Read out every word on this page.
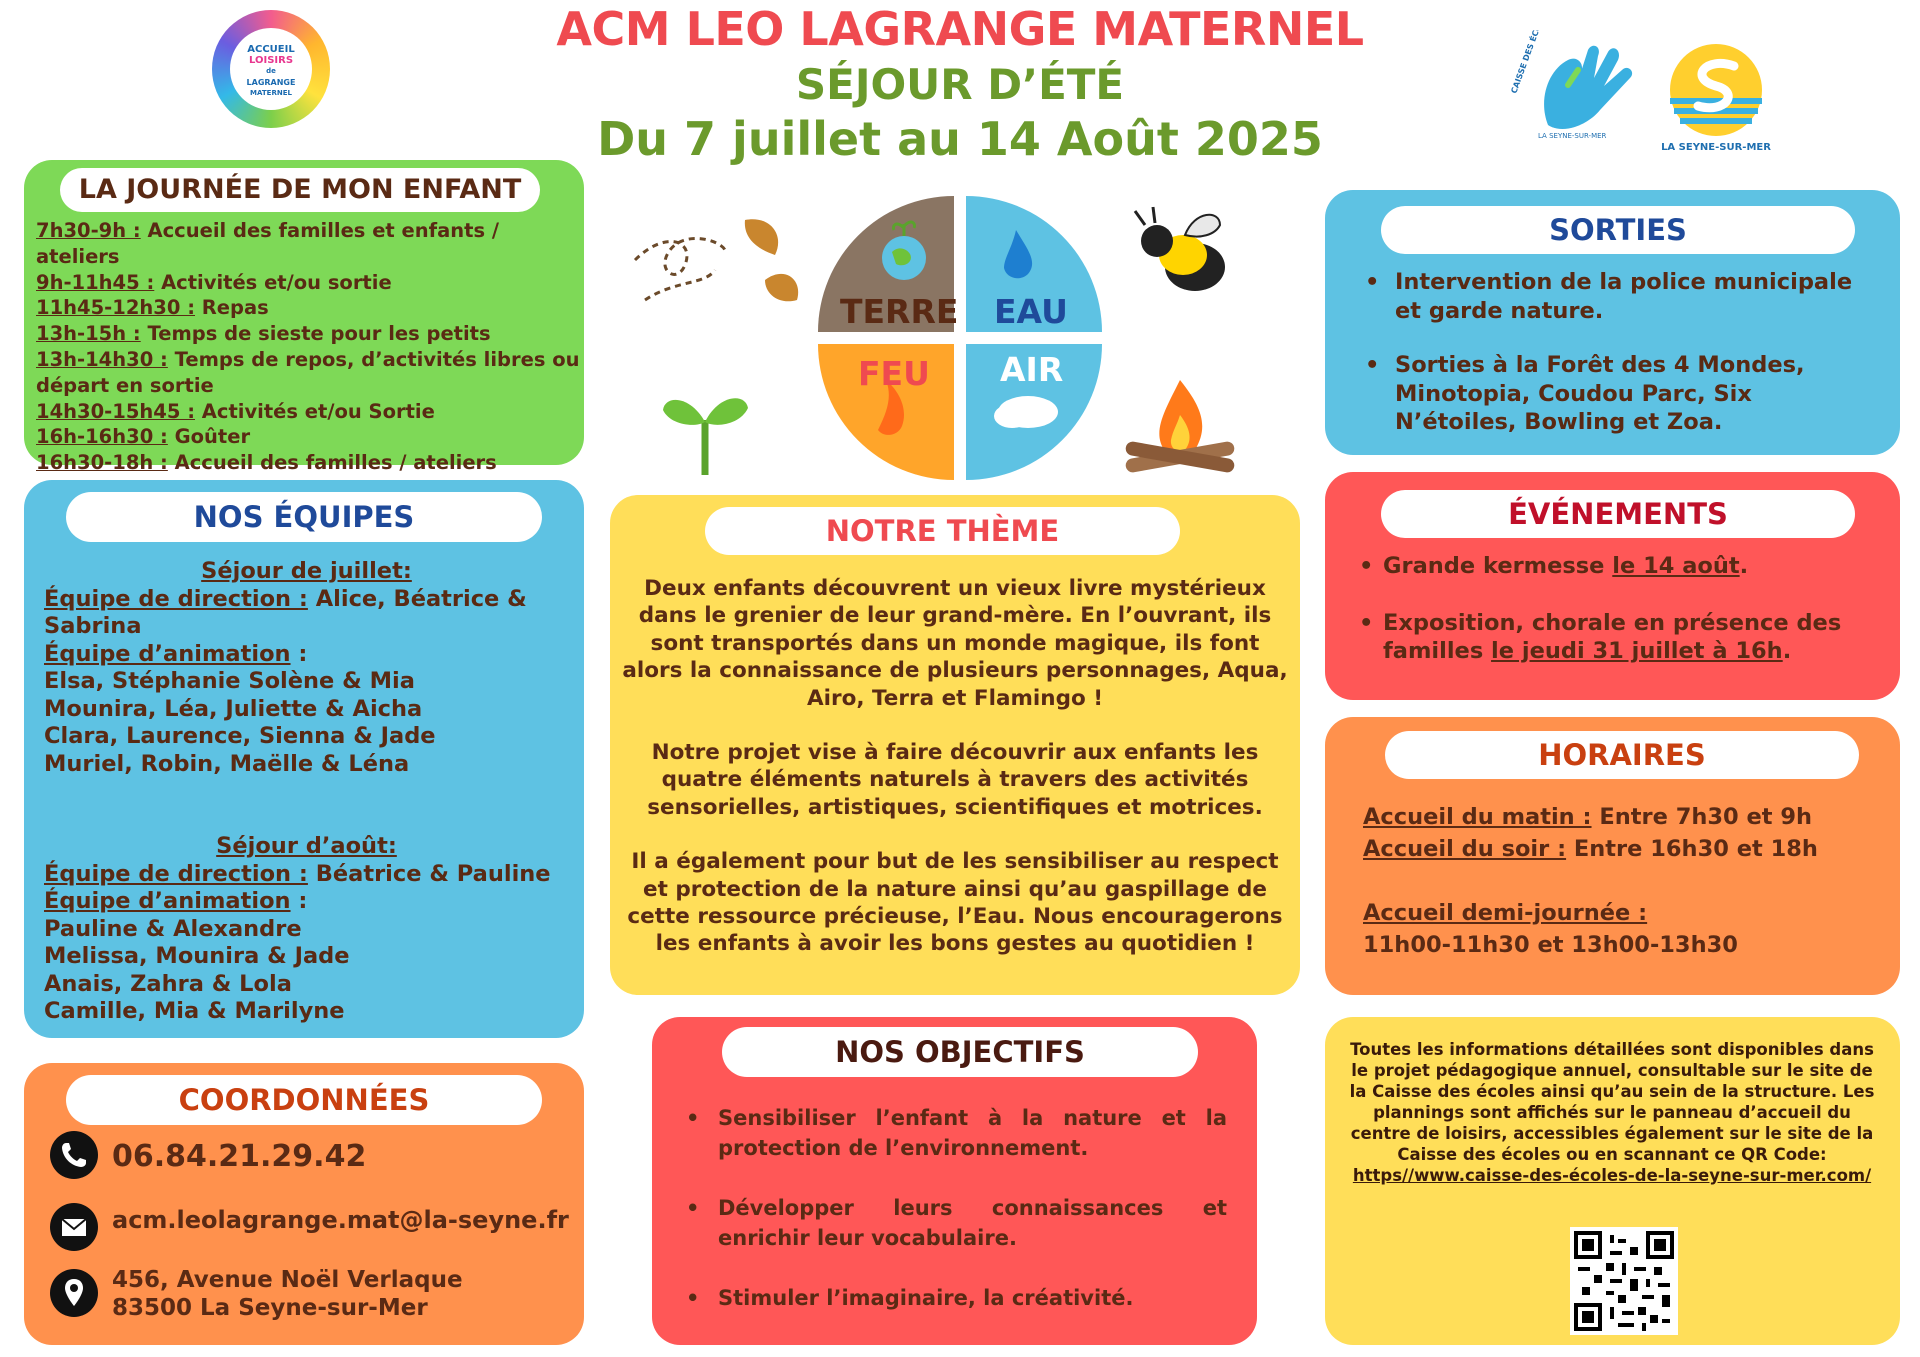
ACM LEO LAGRANGE MATERNEL
SÉJOUR D’ÉTÉ
Du 7 juillet au 14 Août 2025
ACCUEIL
LOISIRS
de
LAGRANGE
MATERNEL	CAISSE DES ÉCOLES
LA SEYNE-SUR-MER
LA SEYNE-SUR-MER
LA JOURNÉE DE MON ENFANT
7h30-9h : Accueil des familles et enfants / ateliers
9h-11h45 : Activités et/ou sortie
11h45-12h30 : Repas
13h-15h : Temps de sieste pour les petits
13h-14h30 : Temps de repos, d’activités libres ou départ en sortie
14h30-15h45 : Activités et/ou Sortie
16h-16h30 : Goûter
16h30-18h : Accueil des familles / ateliers
NOS ÉQUIPES
Séjour de juillet:
Équipe de direction : Alice, Béatrice & Sabrina
Équipe d’animation :
Elsa, Stéphanie Solène & Mia
Mounira, Léa, Juliette & Aicha
Clara, Laurence, Sienna & Jade
Muriel, Robin, Maëlle & Léna
Séjour d’août:
Équipe de direction : Béatrice & Pauline
Équipe d’animation :
Pauline & Alexandre
Melissa, Mounira & Jade
Anais, Zahra & Lola
Camille, Mia & Marilyne
COORDONNÉES
06.84.21.29.42
acm.leolagrange.mat@la-seyne.fr
456, Avenue Noël Verlaque
83500 La Seyne-sur-Mer
TERRE EAU
FEU AIR
NOTRE THÈME

Deux enfants découvrent un vieux livre mystérieux dans le grenier de leur grand-mère. En l’ouvrant, ils sont transportés dans un monde magique, ils font alors la connaissance de plusieurs personnages, Aqua, Airo, Terra et Flamingo !

Notre projet vise à faire découvrir aux enfants les quatre éléments naturels à travers des activités sensorielles, artistiques, scientifiques et motrices.

Il a également pour but de les sensibiliser au respect et protection de la nature ainsi qu’au gaspillage de cette ressource précieuse, l’Eau. Nous encouragerons les enfants à avoir les bons gestes au quotidien !

NOS OBJECTIFS
• Sensibiliser l’enfant à la nature et la protection de l’environnement.
• Développer leurs connaissances et enrichir leur vocabulaire.
• Stimuler l’imaginaire, la créativité.
SORTIES
• Intervention de la police municipale et garde nature.
• Sorties à la Forêt des 4 Mondes, Minotopia, Coudou Parc, Six N’étoiles, Bowling et Zoa.
ÉVÉNEMENTS
• Grande kermesse le 14 août.
• Exposition, chorale en présence des familles le jeudi 31 juillet à 16h.
HORAIRES
Accueil du matin : Entre 7h30 et 9h
Accueil du soir : Entre 16h30 et 18h
Accueil demi-journée :
11h00-11h30 et 13h00-13h30
Toutes les informations détaillées sont disponibles dans le projet pédagogique annuel, consultable sur le site de la Caisse des écoles ainsi qu’au sein de la structure. Les plannings sont affichés sur le panneau d’accueil du centre de loisirs, accessibles également sur le site de la Caisse des écoles ou en scannant ce QR Code:
https//www.caisse-des-écoles-de-la-seyne-sur-mer.com/
